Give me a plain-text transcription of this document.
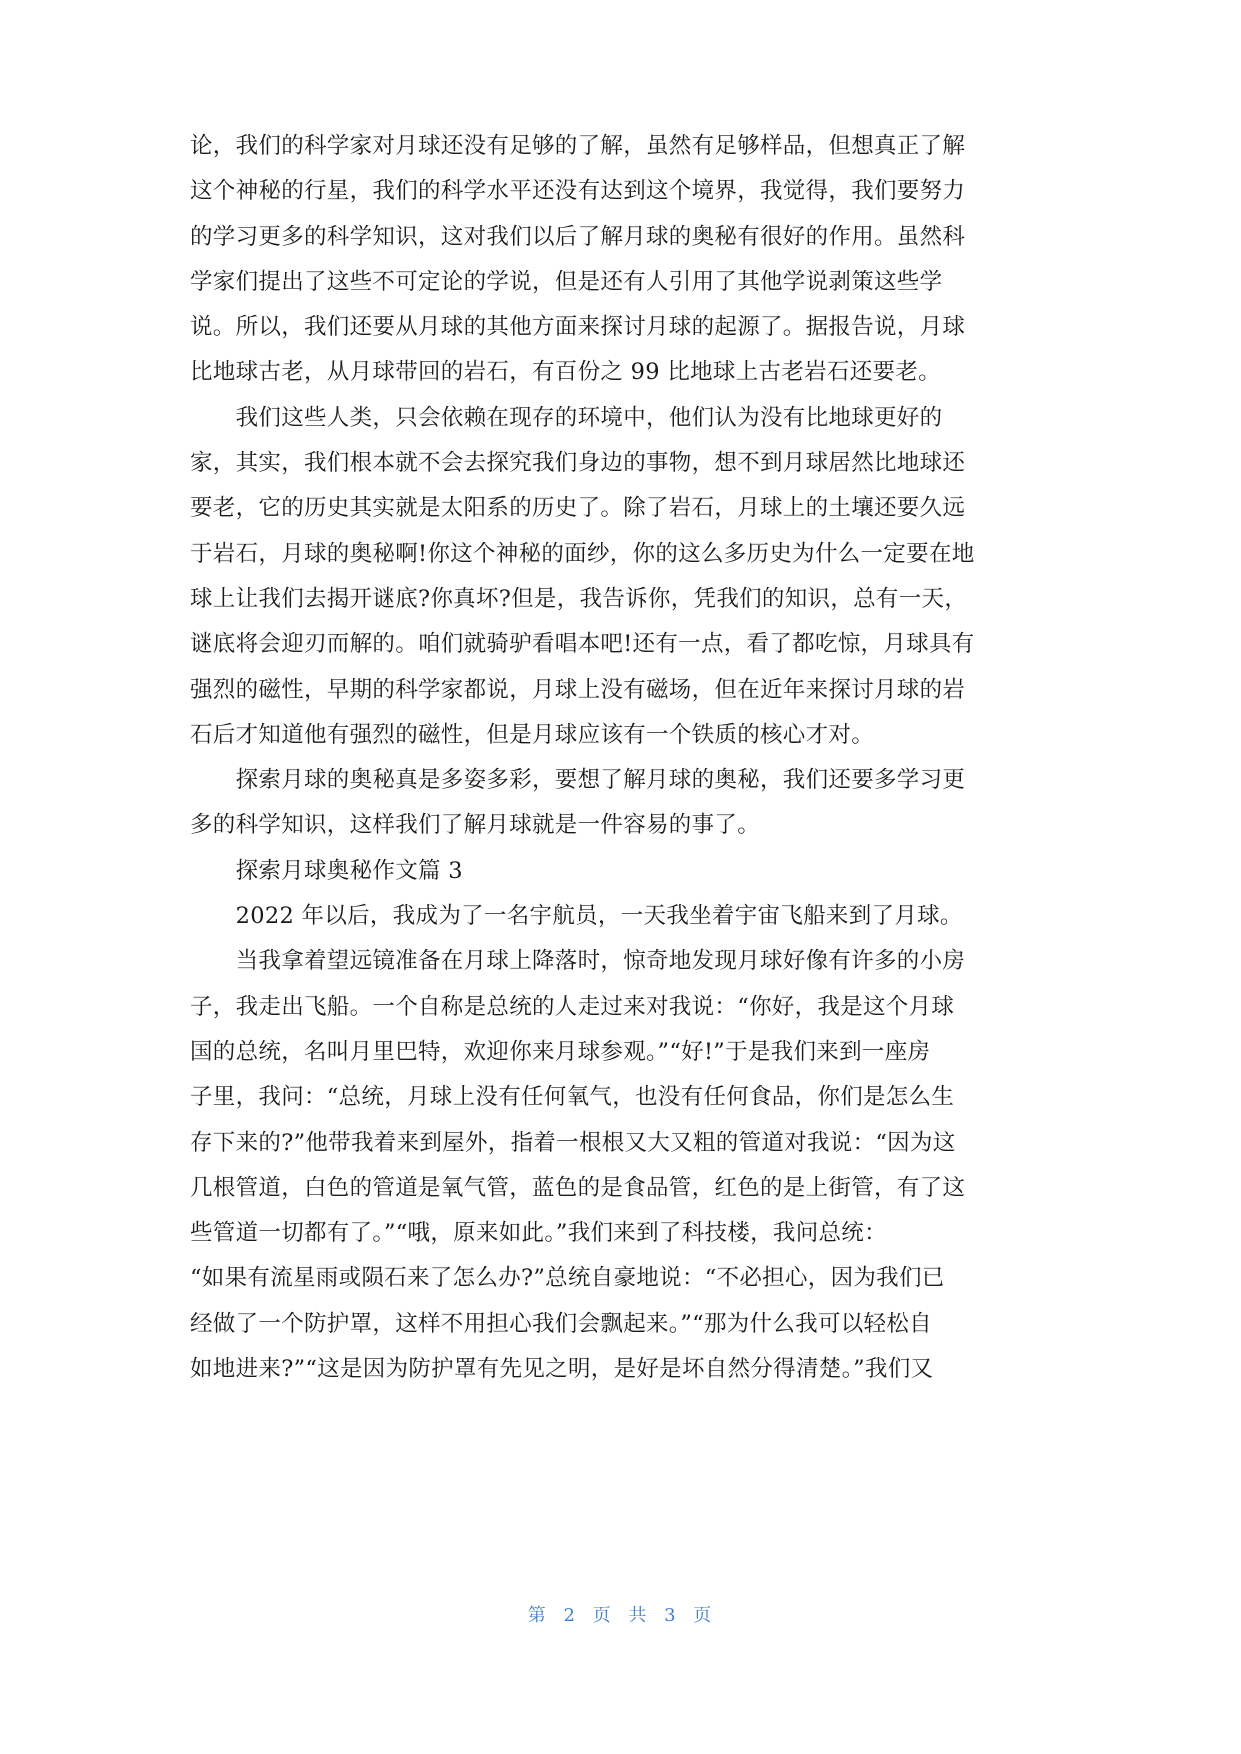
论，我们的科学家对月球还没有足够的了解，虽然有足够样品，但想真正了解
这个神秘的行星，我们的科学水平还没有达到这个境界，我觉得，我们要努力
的学习更多的科学知识，这对我们以后了解月球的奥秘有很好的作用。虽然科
学家们提出了这些不可定论的学说，但是还有人引用了其他学说剥策这些学
说。所以，我们还要从月球的其他方面来探讨月球的起源了。据报告说，月球
比地球古老，从月球带回的岩石，有百份之 99 比地球上古老岩石还要老。
　　我们这些人类，只会依赖在现存的环境中，他们认为没有比地球更好的
家，其实，我们根本就不会去探究我们身边的事物，想不到月球居然比地球还
要老，它的历史其实就是太阳系的历史了。除了岩石，月球上的土壤还要久远
于岩石，月球的奥秘啊!你这个神秘的面纱，你的这么多历史为什么一定要在地
球上让我们去揭开谜底?你真坏?但是，我告诉你，凭我们的知识，总有一天，
谜底将会迎刃而解的。咱们就骑驴看唱本吧!还有一点，看了都吃惊，月球具有
强烈的磁性，早期的科学家都说，月球上没有磁场，但在近年来探讨月球的岩
石后才知道他有强烈的磁性，但是月球应该有一个铁质的核心才对。
　　探索月球的奥秘真是多姿多彩，要想了解月球的奥秘，我们还要多学习更
多的科学知识，这样我们了解月球就是一件容易的事了。
　　探索月球奥秘作文篇 3
　　2022 年以后，我成为了一名宇航员，一天我坐着宇宙飞船来到了月球。
　　当我拿着望远镜准备在月球上降落时，惊奇地发现月球好像有许多的小房
子，我走出飞船。一个自称是总统的人走过来对我说：“你好，我是这个月球
国的总统，名叫月里巴特，欢迎你来月球参观。”“好!”于是我们来到一座房
子里，我问：“总统，月球上没有任何氧气，也没有任何食品，你们是怎么生
存下来的?”他带我着来到屋外，指着一根根又大又粗的管道对我说：“因为这
几根管道，白色的管道是氧气管，蓝色的是食品管，红色的是上街管，有了这
些管道一切都有了。”“哦，原来如此。”我们来到了科技楼，我问总统：
“如果有流星雨或陨石来了怎么办?”总统自豪地说：“不必担心，因为我们已
经做了一个防护罩，这样不用担心我们会飘起来。”“那为什么我可以轻松自
如地进来?”“这是因为防护罩有先见之明，是好是坏自然分得清楚。”我们又
第 2 页 共 3 页
